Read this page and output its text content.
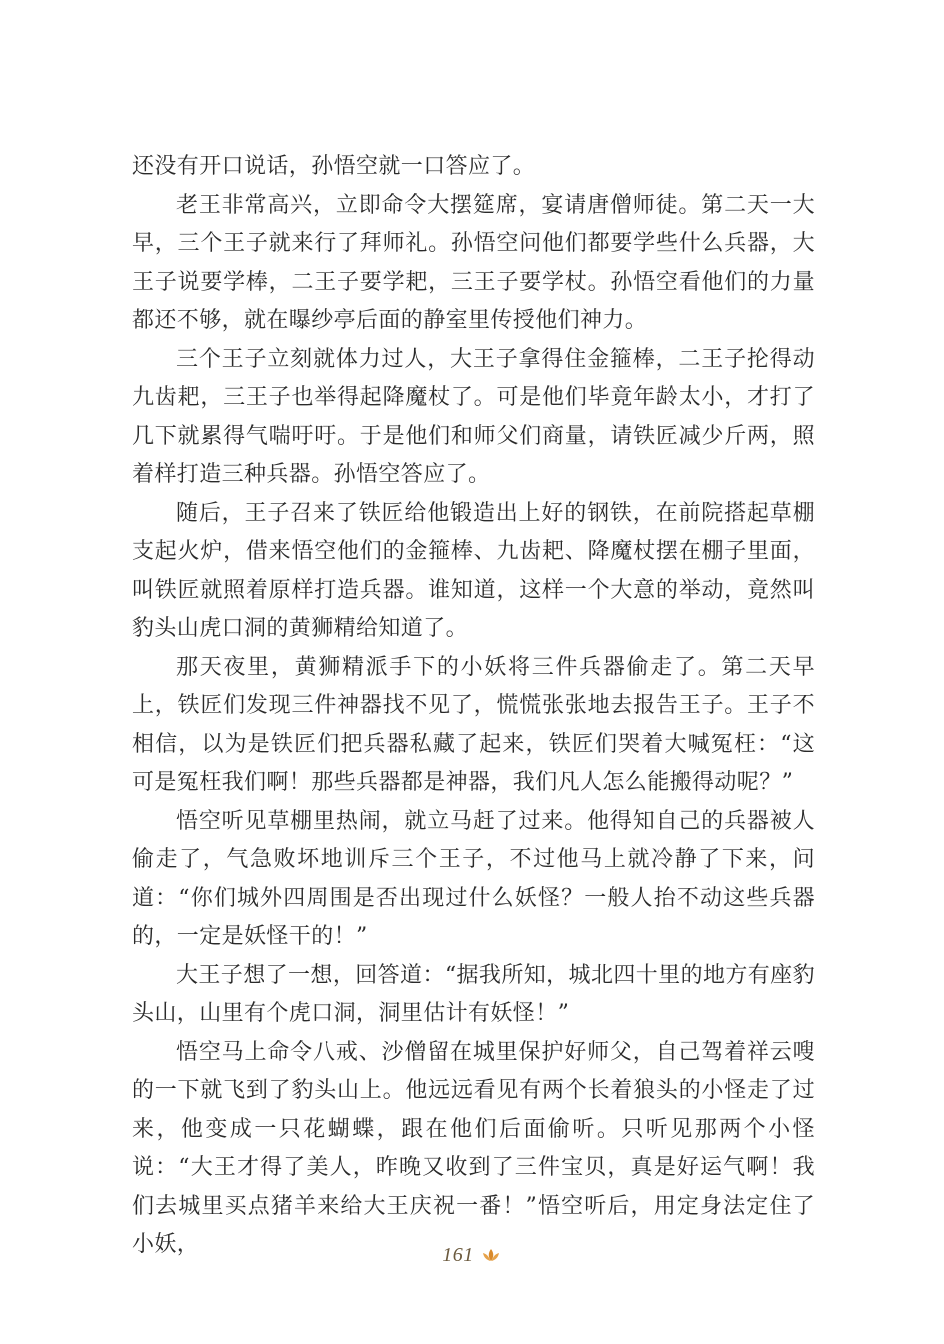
还没有开口说话，孙悟空就一口答应了。

老王非常高兴，立即命令大摆筵席，宴请唐僧师徒。第二天一大早，三个王子就来行了拜师礼。孙悟空问他们都要学些什么兵器，大王子说要学棒，二王子要学耙，三王子要学杖。孙悟空看他们的力量都还不够，就在曝纱亭后面的静室里传授他们神力。

三个王子立刻就体力过人，大王子拿得住金箍棒，二王子抡得动九齿耙，三王子也举得起降魔杖了。可是他们毕竟年龄太小，才打了几下就累得气喘吁吁。于是他们和师父们商量，请铁匠减少斤两，照着样打造三种兵器。孙悟空答应了。

随后，王子召来了铁匠给他锻造出上好的钢铁，在前院搭起草棚支起火炉，借来悟空他们的金箍棒、九齿耙、降魔杖摆在棚子里面，叫铁匠就照着原样打造兵器。谁知道，这样一个大意的举动，竟然叫豹头山虎口洞的黄狮精给知道了。

那天夜里，黄狮精派手下的小妖将三件兵器偷走了。第二天早上，铁匠们发现三件神器找不见了，慌慌张张地去报告王子。王子不相信，以为是铁匠们把兵器私藏了起来，铁匠们哭着大喊冤枉：“这可是冤枉我们啊！那些兵器都是神器，我们凡人怎么能搬得动呢？”

悟空听见草棚里热闹，就立马赶了过来。他得知自己的兵器被人偷走了，气急败坏地训斥三个王子，不过他马上就冷静了下来，问道：“你们城外四周围是否出现过什么妖怪？一般人抬不动这些兵器的，一定是妖怪干的！”

大王子想了一想，回答道：“据我所知，城北四十里的地方有座豹头山，山里有个虎口洞，洞里估计有妖怪！”

悟空马上命令八戒、沙僧留在城里保护好师父，自己驾着祥云嗖的一下就飞到了豹头山上。他远远看见有两个长着狼头的小怪走了过来，他变成一只花蝴蝶，跟在他们后面偷听。只听见那两个小怪说：“大王才得了美人，昨晚又收到了三件宝贝，真是好运气啊！我们去城里买点猪羊来给大王庆祝一番！”悟空听后，用定身法定住了小妖，	161
